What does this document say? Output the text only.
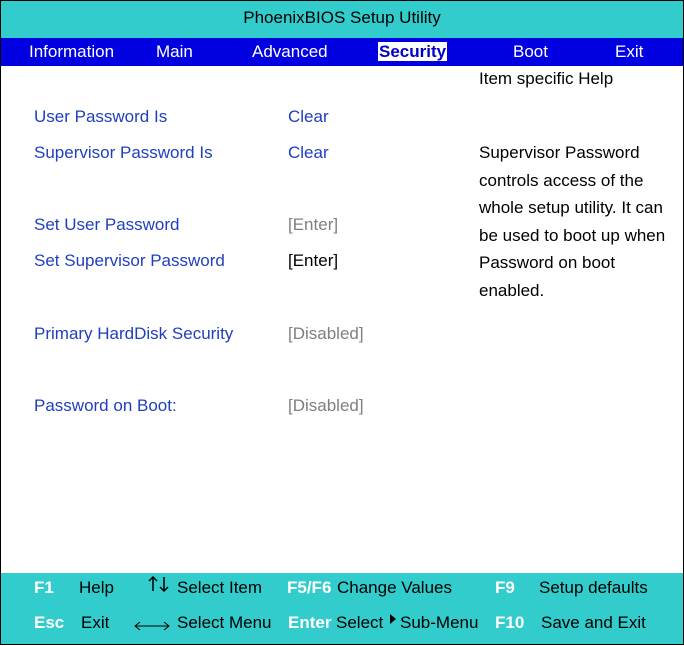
PhoenixBIOS Setup Utility
Information Main	Advanced	Security	Boot	Exit
User Password Is	Clear
Supervisor Password Is	Clear
Set User Password	[Enter]
Set Supervisor Password	[Enter]
Primary HardDisk Security	[Disabled]
Password on Boot:	[Disabled]
Item specific Help
Supervisor Password controls access of the whole setup utility. It can be used to boot up when Password on boot enabled.
F1 Help	Select Item F5/F6 Change Values	F9 Setup defaults
Esc Exit	Select Menu Enter Select Sub-Menu F10 Save and Exit
